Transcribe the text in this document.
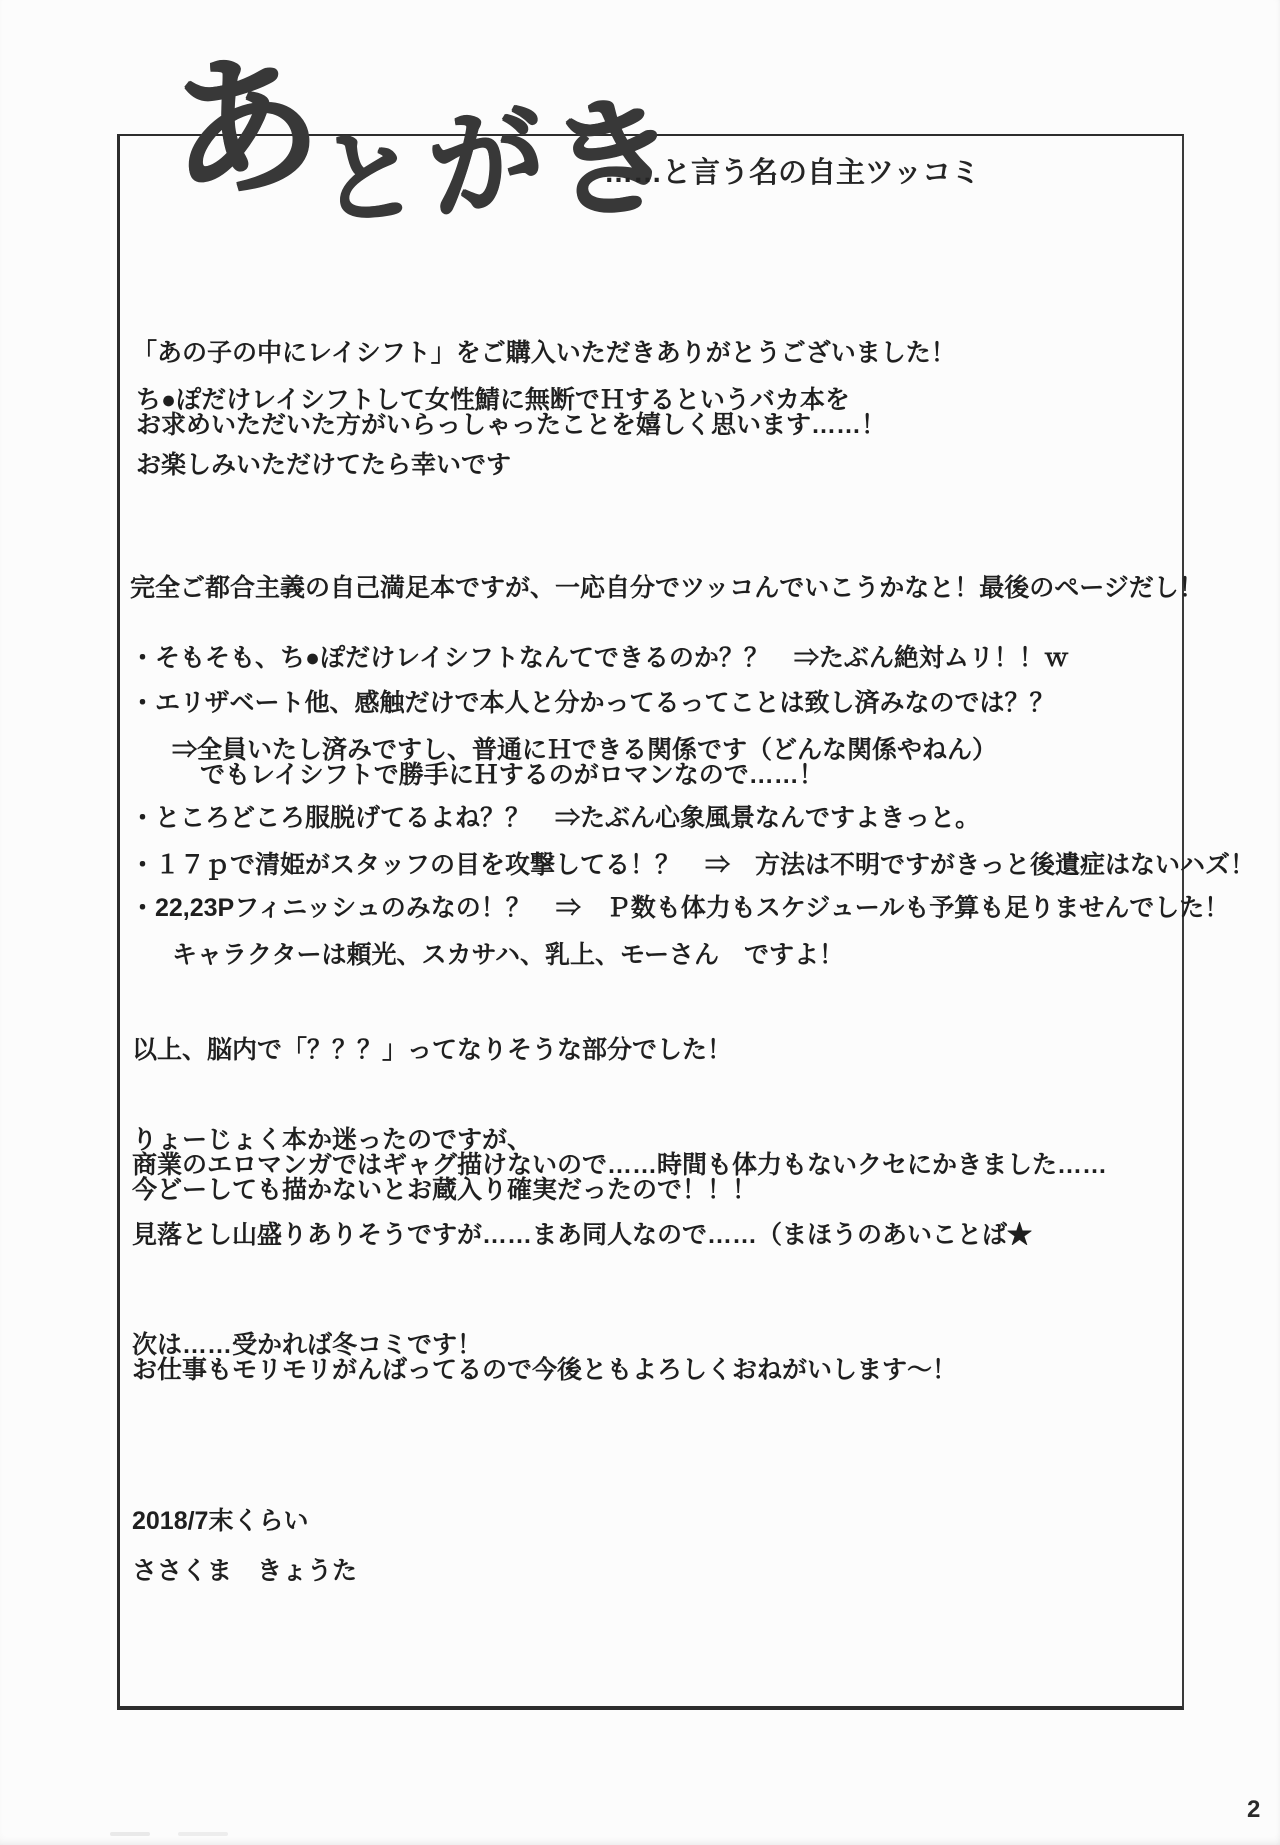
あ
と
が
き
……と言う名の自主ツッコミ
「あの子の中にレイシフト」をご購入いただきありがとうございました！
ち●ぽだけレイシフトして女性鯖に無断でＨするというバカ本を
お求めいただいた方がいらっしゃったことを嬉しく思います……！
お楽しみいただけてたら幸いです
完全ご都合主義の自己満足本ですが、一応自分でツッコんでいこうかなと！最後のページだし！
・そもそも、ち●ぽだけレイシフトなんてできるのか？？　⇒たぶん絶対ムリ！！ｗ
・エリザベート他、感触だけで本人と分かってるってことは致し済みなのでは？？
⇒全員いたし済みですし、普通にＨできる関係です（どんな関係やねん）
でもレイシフトで勝手にＨするのがロマンなので……！
・ところどころ服脱げてるよね？？　⇒たぶん心象風景なんですよきっと。
・１７ｐで清姫がスタッフの目を攻撃してる！？　⇒　方法は不明ですがきっと後遺症はないハズ！
・22,23Pフィニッシュのみなの！？　⇒　Ｐ数も体力もスケジュールも予算も足りませんでした！
キャラクターは頼光、スカサハ、乳上、モーさん　ですよ！
以上、脳内で「？？？」ってなりそうな部分でした！
りょーじょく本か迷ったのですが、
商業のエロマンガではギャグ描けないので……時間も体力もないクセにかきました……
今どーしても描かないとお蔵入り確実だったので！！！
見落とし山盛りありそうですが……まあ同人なので……（まほうのあいことば★
次は……受かれば冬コミです！
お仕事もモリモリがんばってるので今後ともよろしくおねがいします～！
2018/7末くらい
ささくま　きょうた
2
